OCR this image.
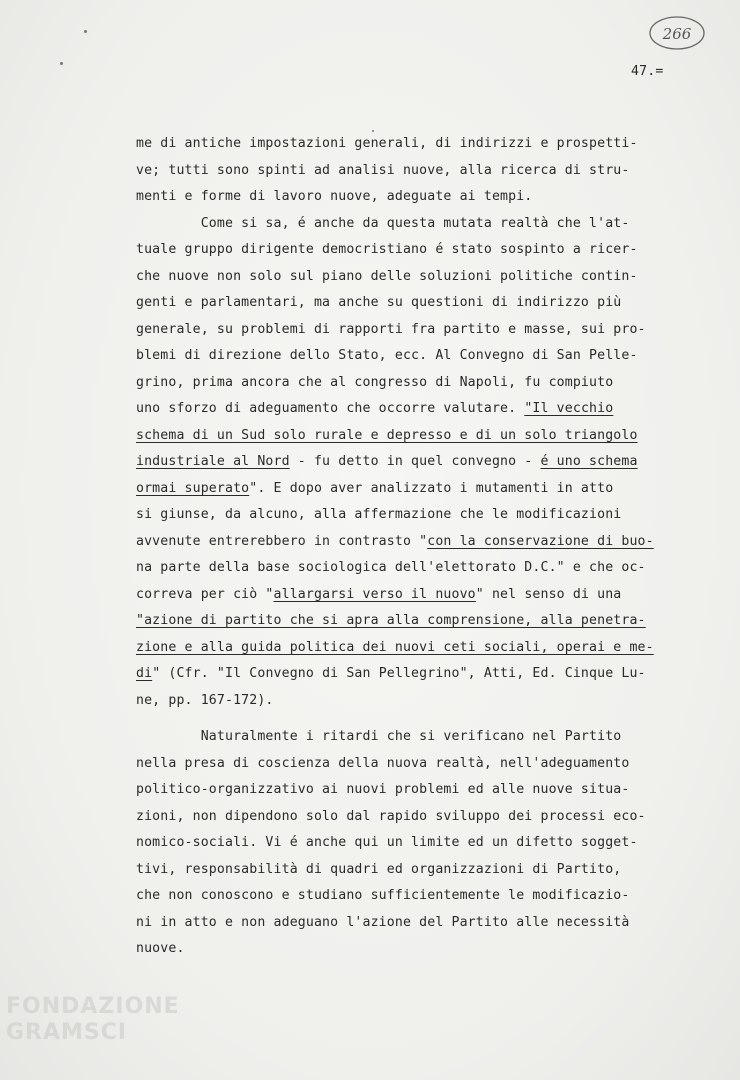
266
47.=
me di antiche impostazioni generali, di indirizzi e prospetti-
ve; tutti sono spinti ad analisi nuove, alla ricerca di stru-
menti e forme di lavoro nuove, adeguate ai tempi.
Come si sa, é anche da questa mutata realtà che l'at-
tuale gruppo dirigente democristiano é stato sospinto a ricer-
che nuove non solo sul piano delle soluzioni politiche contin-
genti e parlamentari, ma anche su questioni di indirizzo più
generale, su problemi di rapporti fra partito e masse, sui pro-
blemi di direzione dello Stato, ecc. Al Convegno di San Pelle-
grino, prima ancora che al congresso di Napoli, fu compiuto
uno sforzo di adeguamento che occorre valutare. "Il vecchio
schema di un Sud solo rurale e depresso e di un solo triangolo
industriale al Nord - fu detto in quel convegno - é uno schema
ormai superato". E dopo aver analizzato i mutamenti in atto
si giunse, da alcuno, alla affermazione che le modificazioni
avvenute entrerebbero in contrasto "con la conservazione di buo-
na parte della base sociologica dell'elettorato D.C." e che oc-
correva per ciò "allargarsi verso il nuovo" nel senso di una
"azione di partito che si apra alla comprensione, alla penetra-
zione e alla guida politica dei nuovi ceti sociali, operai e me-
di" (Cfr. "Il Convegno di San Pellegrino", Atti, Ed. Cinque Lu-
ne, pp. 167-172).
Naturalmente i ritardi che si verificano nel Partito
nella presa di coscienza della nuova realtà, nell'adeguamento
politico-organizzativo ai nuovi problemi ed alle nuove situa-
zioni, non dipendono solo dal rapido sviluppo dei processi eco-
nomico-sociali. Vi é anche qui un limite ed un difetto sogget-
tivi, responsabilità di quadri ed organizzazioni di Partito,
che non conoscono e studiano sufficientemente le modificazio-
ni in atto e non adeguano l'azione del Partito alle necessità
nuove.
FONDAZIONE
GRAMSCI
